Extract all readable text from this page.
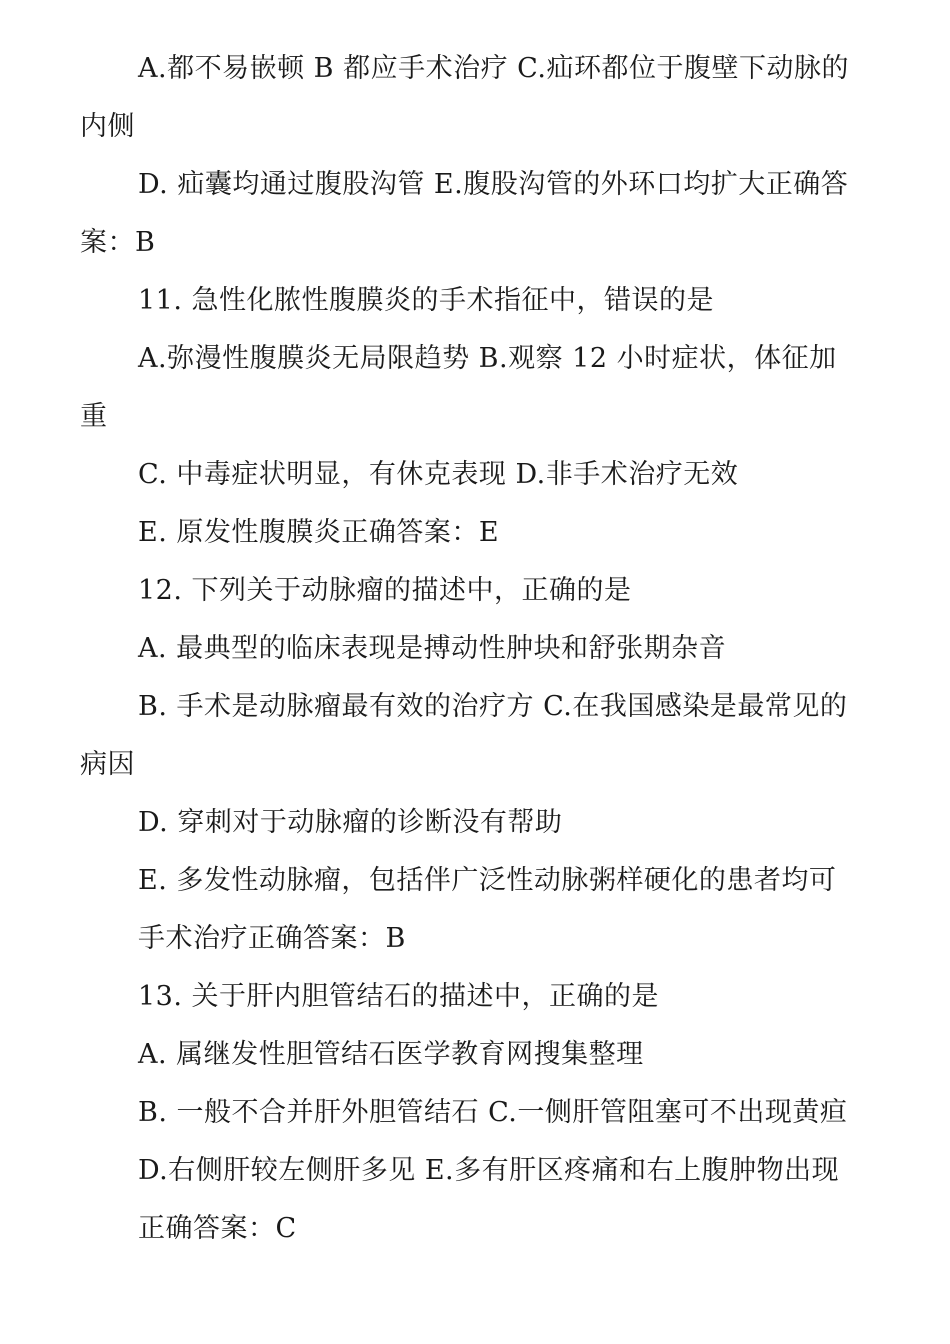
A.都不易嵌顿 B 都应手术治疗 C.疝环都位于腹壁下动脉的
内侧
D. 疝囊均通过腹股沟管 E.腹股沟管的外环口均扩大正确答
案：B
11. 急性化脓性腹膜炎的手术指征中，错误的是
A.弥漫性腹膜炎无局限趋势 B.观察 12 小时症状，体征加
重
C. 中毒症状明显，有休克表现 D.非手术治疗无效
E. 原发性腹膜炎正确答案：E
12. 下列关于动脉瘤的描述中，正确的是
A. 最典型的临床表现是搏动性肿块和舒张期杂音
B. 手术是动脉瘤最有效的治疗方 C.在我国感染是最常见的
病因
D. 穿刺对于动脉瘤的诊断没有帮助
E. 多发性动脉瘤，包括伴广泛性动脉粥样硬化的患者均可
手术治疗正确答案：B
13. 关于肝内胆管结石的描述中，正确的是
A. 属继发性胆管结石医学教育网搜集整理
B. 一般不合并肝外胆管结石 C.一侧肝管阻塞可不出现黄疸
D.右侧肝较左侧肝多见 E.多有肝区疼痛和右上腹肿物出现
正确答案：C
